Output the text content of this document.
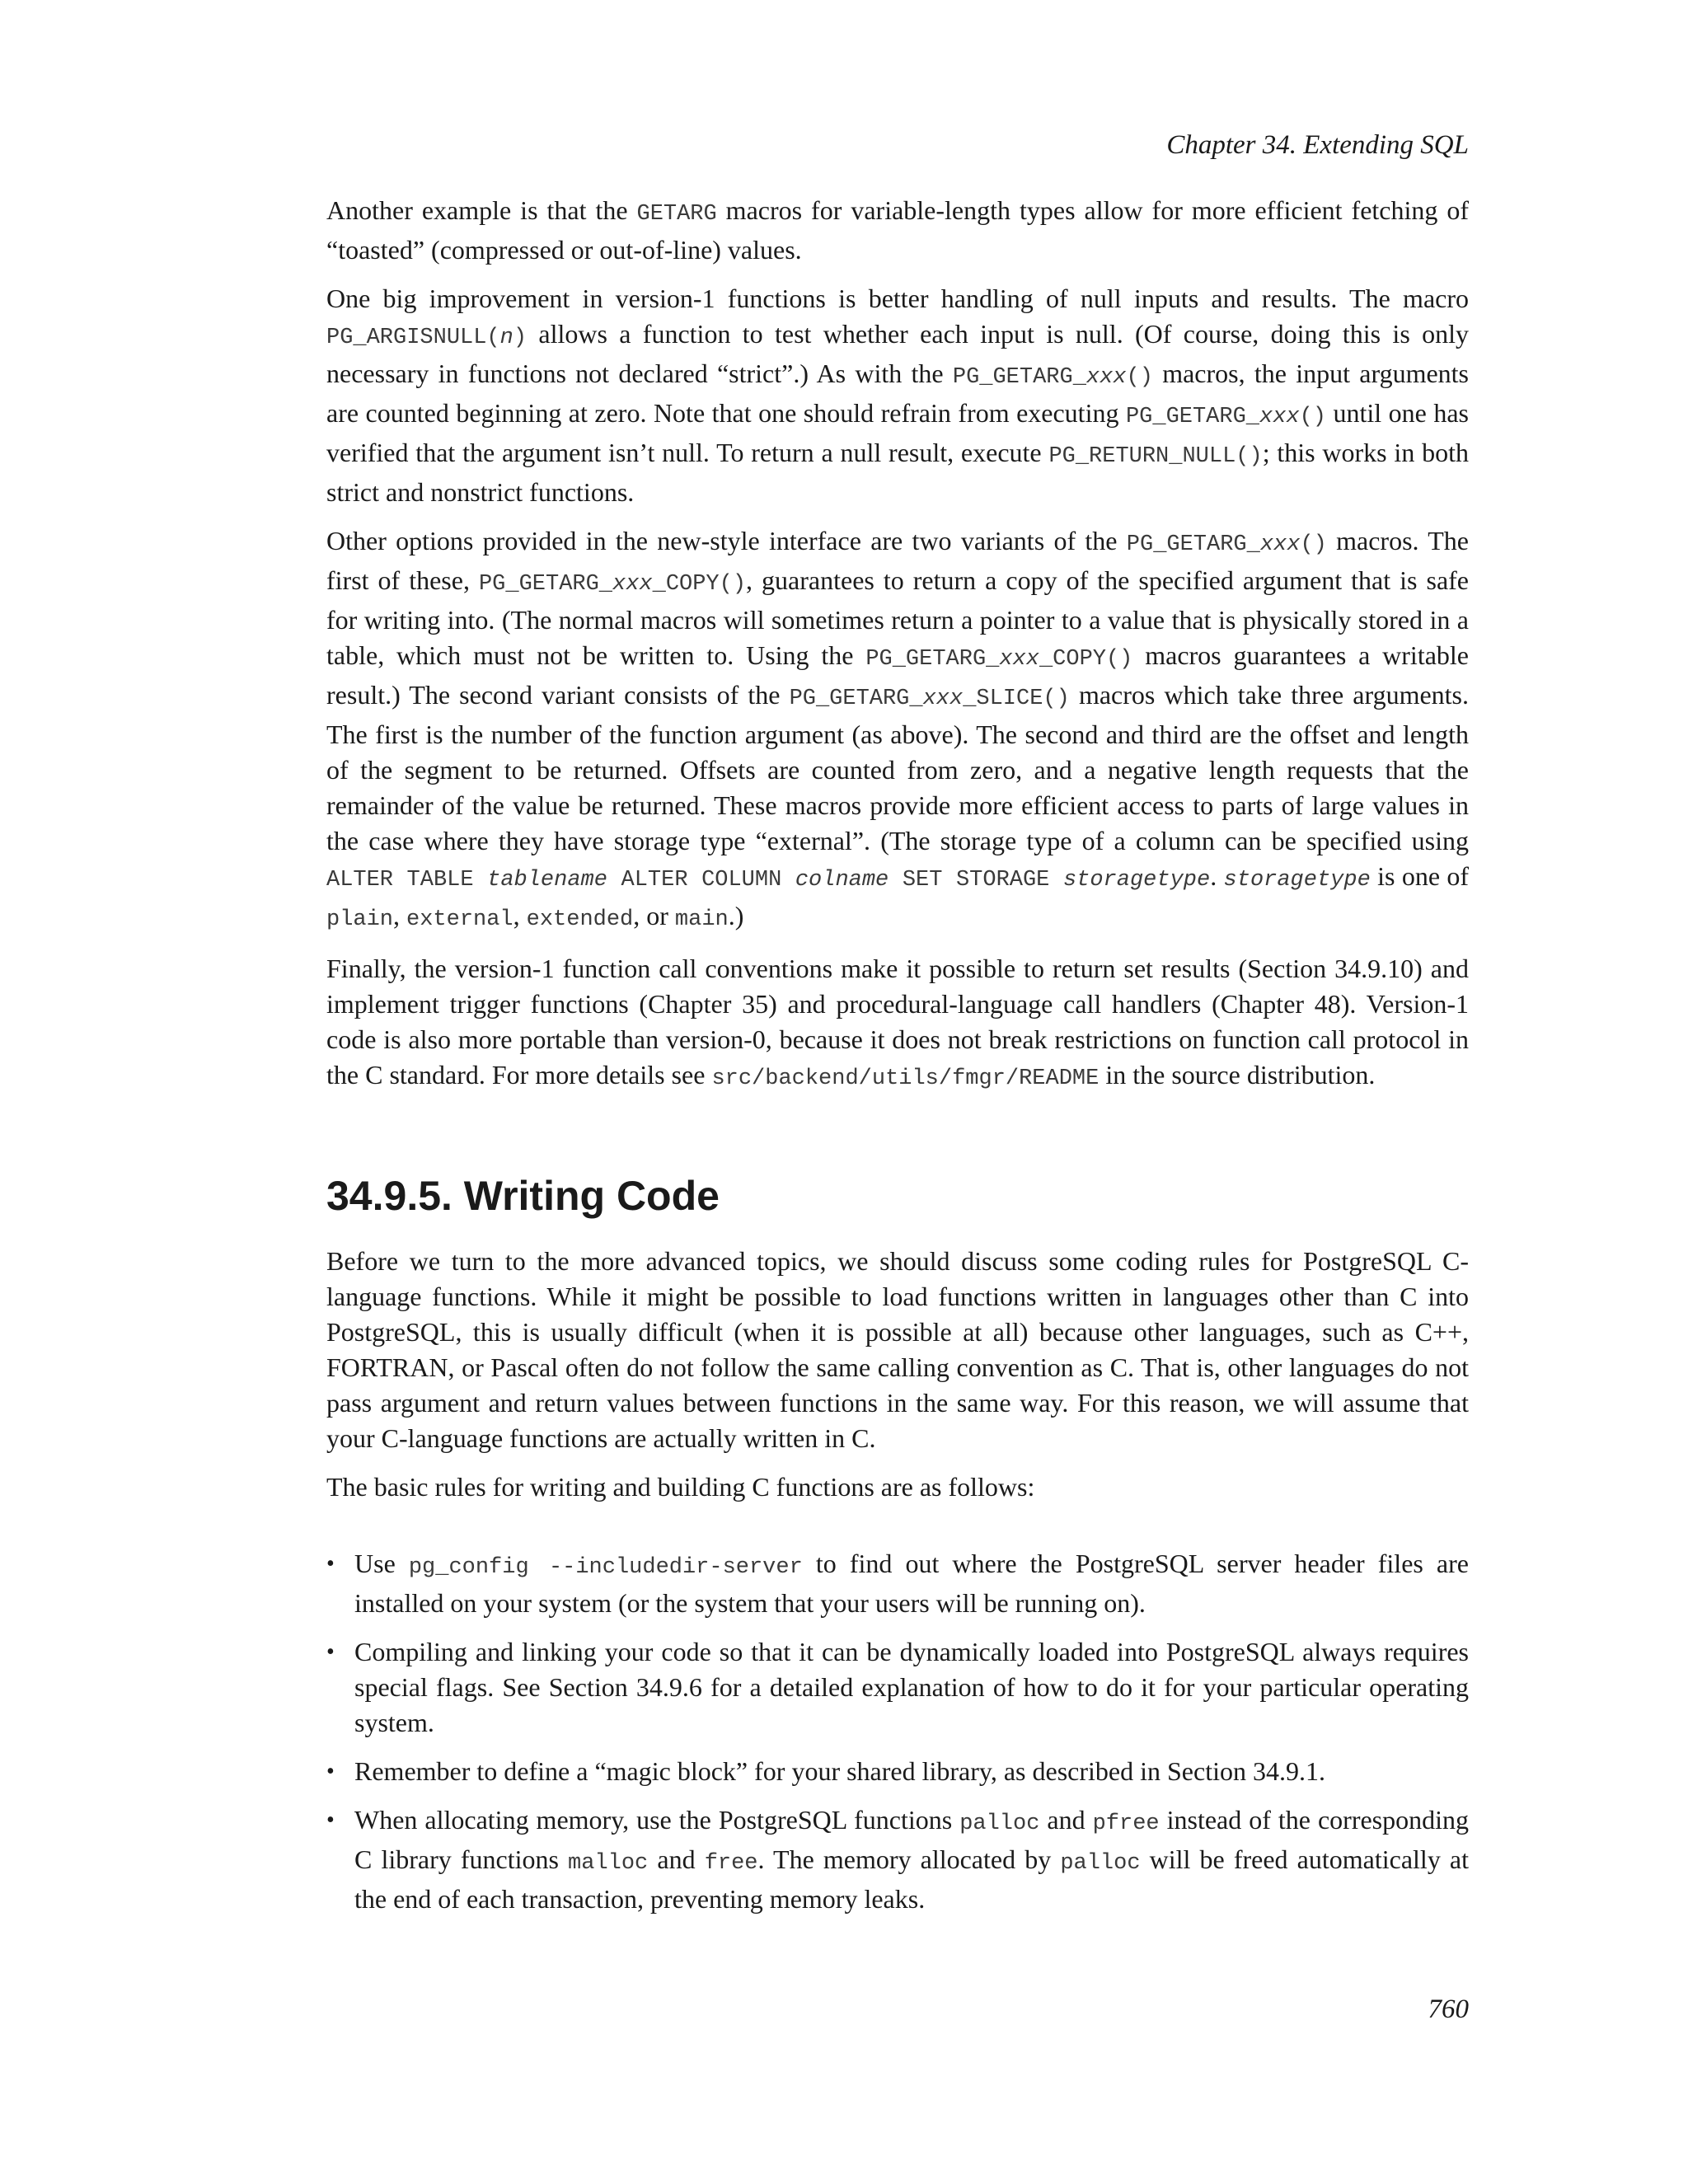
Chapter 34. Extending SQL

Another example is that the GETARG macros for variable-length types allow for more efficient fetching of “toasted” (compressed or out-of-line) values.

One big improvement in version-1 functions is better handling of null inputs and results. The macro PG_ARGISNULL(n) allows a function to test whether each input is null. (Of course, doing this is only necessary in functions not declared “strict”.) As with the PG_GETARG_xxx() macros, the input arguments are counted beginning at zero. Note that one should refrain from executing PG_GETARG_xxx() until one has verified that the argument isn’t null. To return a null result, execute PG_RETURN_NULL(); this works in both strict and nonstrict functions.

Other options provided in the new-style interface are two variants of the PG_GETARG_xxx() macros. The first of these, PG_GETARG_xxx_COPY(), guarantees to return a copy of the specified argument that is safe for writing into. (The normal macros will sometimes return a pointer to a value that is physically stored in a table, which must not be written to. Using the PG_GETARG_xxx_COPY() macros guarantees a writable result.) The second variant consists of the PG_GETARG_xxx_SLICE() macros which take three arguments. The first is the number of the function argument (as above). The second and third are the offset and length of the segment to be returned. Offsets are counted from zero, and a negative length requests that the remainder of the value be returned. These macros provide more efficient access to parts of large values in the case where they have storage type “external”. (The storage type of a column can be specified using ALTER TABLE tablename ALTER COLUMN colname SET STORAGE storagetype. storagetype is one of plain, external, extended, or main.)

Finally, the version-1 function call conventions make it possible to return set results (Section 34.9.10) and implement trigger functions (Chapter 35) and procedural-language call handlers (Chapter 48). Version-1 code is also more portable than version-0, because it does not break restrictions on function call protocol in the C standard. For more details see src/backend/utils/fmgr/README in the source distribution.

34.9.5. Writing Code

Before we turn to the more advanced topics, we should discuss some coding rules for PostgreSQL C-language functions. While it might be possible to load functions written in languages other than C into PostgreSQL, this is usually difficult (when it is possible at all) because other languages, such as C++, FORTRAN, or Pascal often do not follow the same calling convention as C. That is, other languages do not pass argument and return values between functions in the same way. For this reason, we will assume that your C-language functions are actually written in C.

The basic rules for writing and building C functions are as follows:

• Use pg_config --includedir-server to find out where the PostgreSQL server header files are installed on your system (or the system that your users will be running on).
• Compiling and linking your code so that it can be dynamically loaded into PostgreSQL always requires special flags. See Section 34.9.6 for a detailed explanation of how to do it for your particular operating system.
• Remember to define a “magic block” for your shared library, as described in Section 34.9.1.
• When allocating memory, use the PostgreSQL functions palloc and pfree instead of the corresponding C library functions malloc and free. The memory allocated by palloc will be freed automatically at the end of each transaction, preventing memory leaks.
760
